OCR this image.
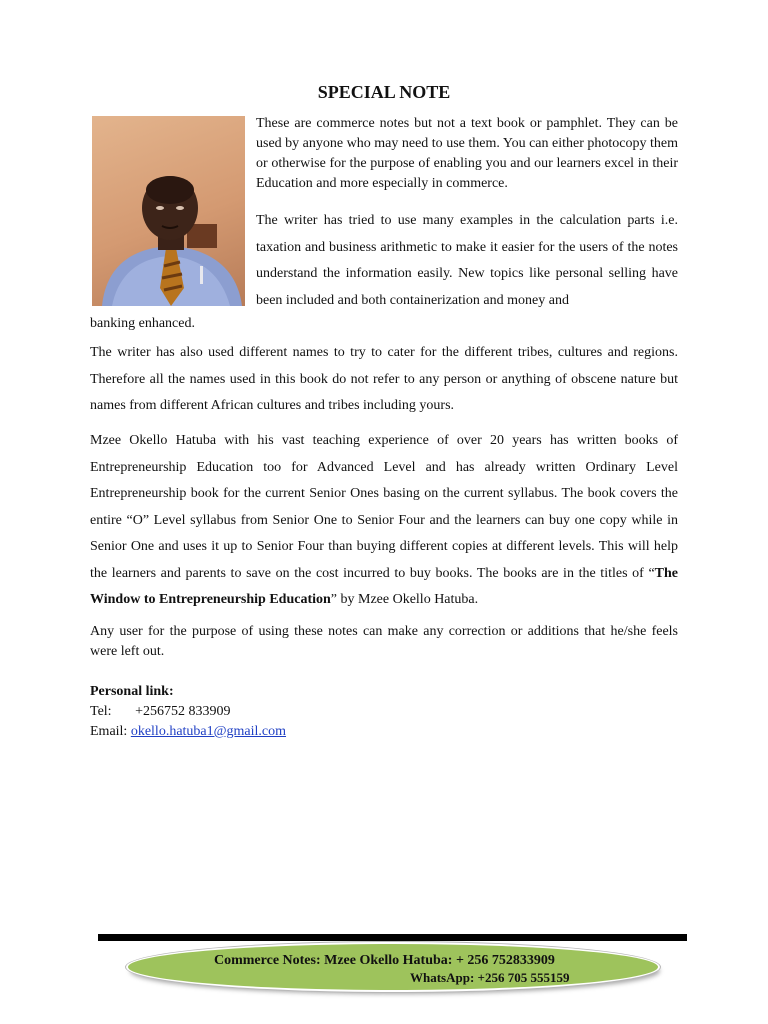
SPECIAL NOTE

These are commerce notes but not a text book or pamphlet. They can be used by anyone who may need to use them. You can either photocopy them or otherwise for the purpose of enabling you and our learners excel in their Education and more especially in commerce.

The writer has tried to use many examples in the calculation parts i.e. taxation and business arithmetic to make it easier for the users of the notes understand the information easily. New topics like personal selling have been included and both containerization and money and

banking enhanced.

The writer has also used different names to try to cater for the different tribes, cultures and regions. Therefore all the names used in this book do not refer to any person or anything of obscene nature but names from different African cultures and tribes including yours.

Mzee Okello Hatuba with his vast teaching experience of over 20 years has written books of Entrepreneurship Education too for Advanced Level and has already written Ordinary Level Entrepreneurship book for the current Senior Ones basing on the current syllabus. The book covers the entire “O” Level syllabus from Senior One to Senior Four and the learners can buy one copy while in Senior One and uses it up to Senior Four than buying different copies at different levels. This will help the learners and parents to save on the cost incurred to buy books. The books are in the titles of “The Window to Entrepreneurship Education” by Mzee Okello Hatuba.

Any user for the purpose of using these notes can make any correction or additions that he/she feels were left out.

Personal link:
Tel: +256752 833909
Email: okello.hatuba1@gmail.com
Commerce Notes: Mzee Okello Hatuba: + 256 752833909
WhatsApp: +256 705 555159
